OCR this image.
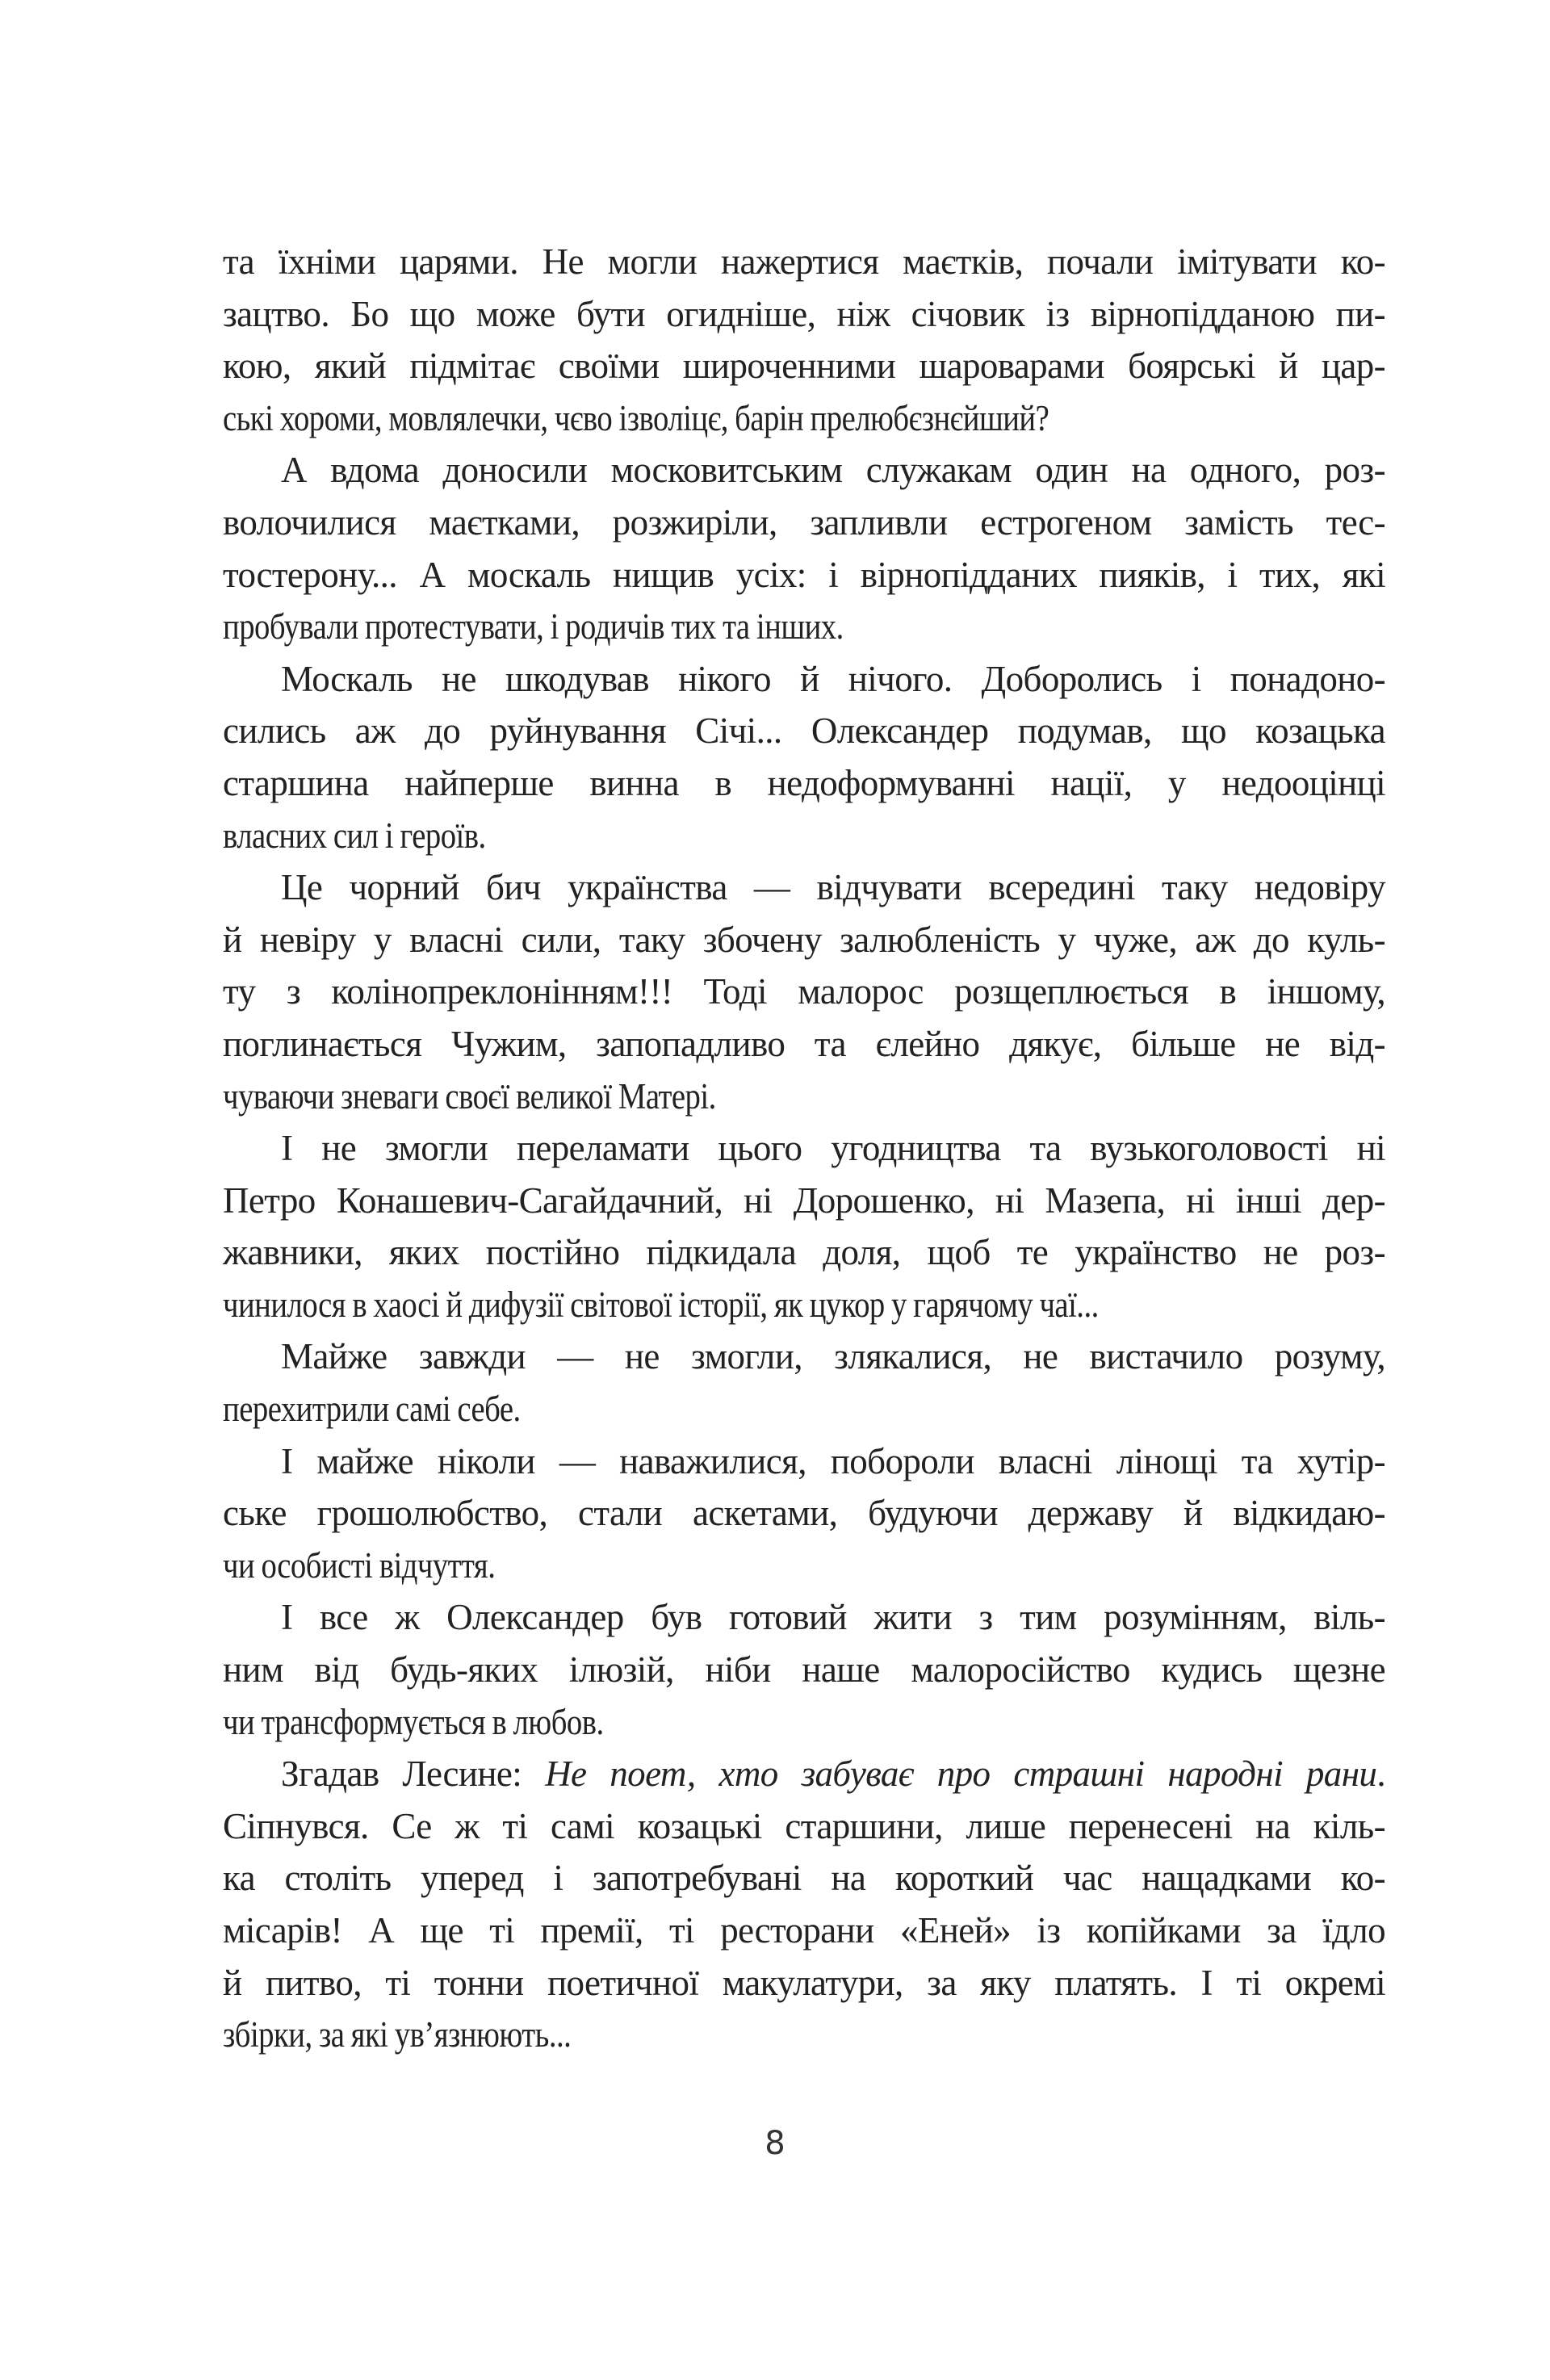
та їхніми царями. Не могли нажертися маєтків, почали імітувати ко-
зацтво. Бо що може бути огидніше, ніж січовик із вірнопідданою пи-
кою, який підмітає своїми широченними шароварами боярські й цар-
ські хороми, мовлялечки, чєво ізволіцє, барін прелюбєзнєйший?
А вдома доносили московитським служакам один на одного, роз-
волочилися маєтками, розжиріли, запливли естрогеном замість тес-
тостерону... А москаль нищив усіх: і вірнопідданих пияків, і тих, які
пробували протестувати, і родичів тих та інших.
Москаль не шкодував нікого й нічого. Доборолись і понадоно-
сились аж до руйнування Січі... Олександер подумав, що козацька
старшина найперше винна в недоформуванні нації, у недооцінці
власних сил і героїв.
Це чорний бич українства — відчувати всередині таку недовіру
й невіру у власні сили, таку збочену залюбленість у чуже, аж до куль-
ту з колінопреклонінням!!! Тоді малорос розщеплюється в іншому,
поглинається Чужим, запопадливо та єлейно дякує, більше не від-
чуваючи зневаги своєї великої Матері.
І не змогли переламати цього угодництва та вузькоголовості ні
Петро Конашевич-Сагайдачний, ні Дорошенко, ні Мазепа, ні інші дер-
жавники, яких постійно підкидала доля, щоб те українство не роз-
чинилося в хаосі й дифузії світової історії, як цукор у гарячому чаї...
Майже завжди — не змогли, злякалися, не вистачило розуму,
перехитрили самі себе.
І майже ніколи — наважилися, побороли власні лінощі та хутір-
ське грошолюбство, стали аскетами, будуючи державу й відкидаю-
чи особисті відчуття.
І все ж Олександер був готовий жити з тим розумінням, віль-
ним від будь-яких ілюзій, ніби наше малоросійство кудись щезне
чи трансформується в любов.
Згадав Лесине: Не поет, хто забуває про страшні народні рани.
Сіпнувся. Се ж ті самі козацькі старшини, лише перенесені на кіль-
ка століть уперед і запотребувані на короткий час нащадками ко-
місарів! А ще ті премії, ті ресторани «Еней» із копійками за їдло
й питво, ті тонни поетичної макулатури, за яку платять. І ті окремі
збірки, за які ув’язнюють...
8
